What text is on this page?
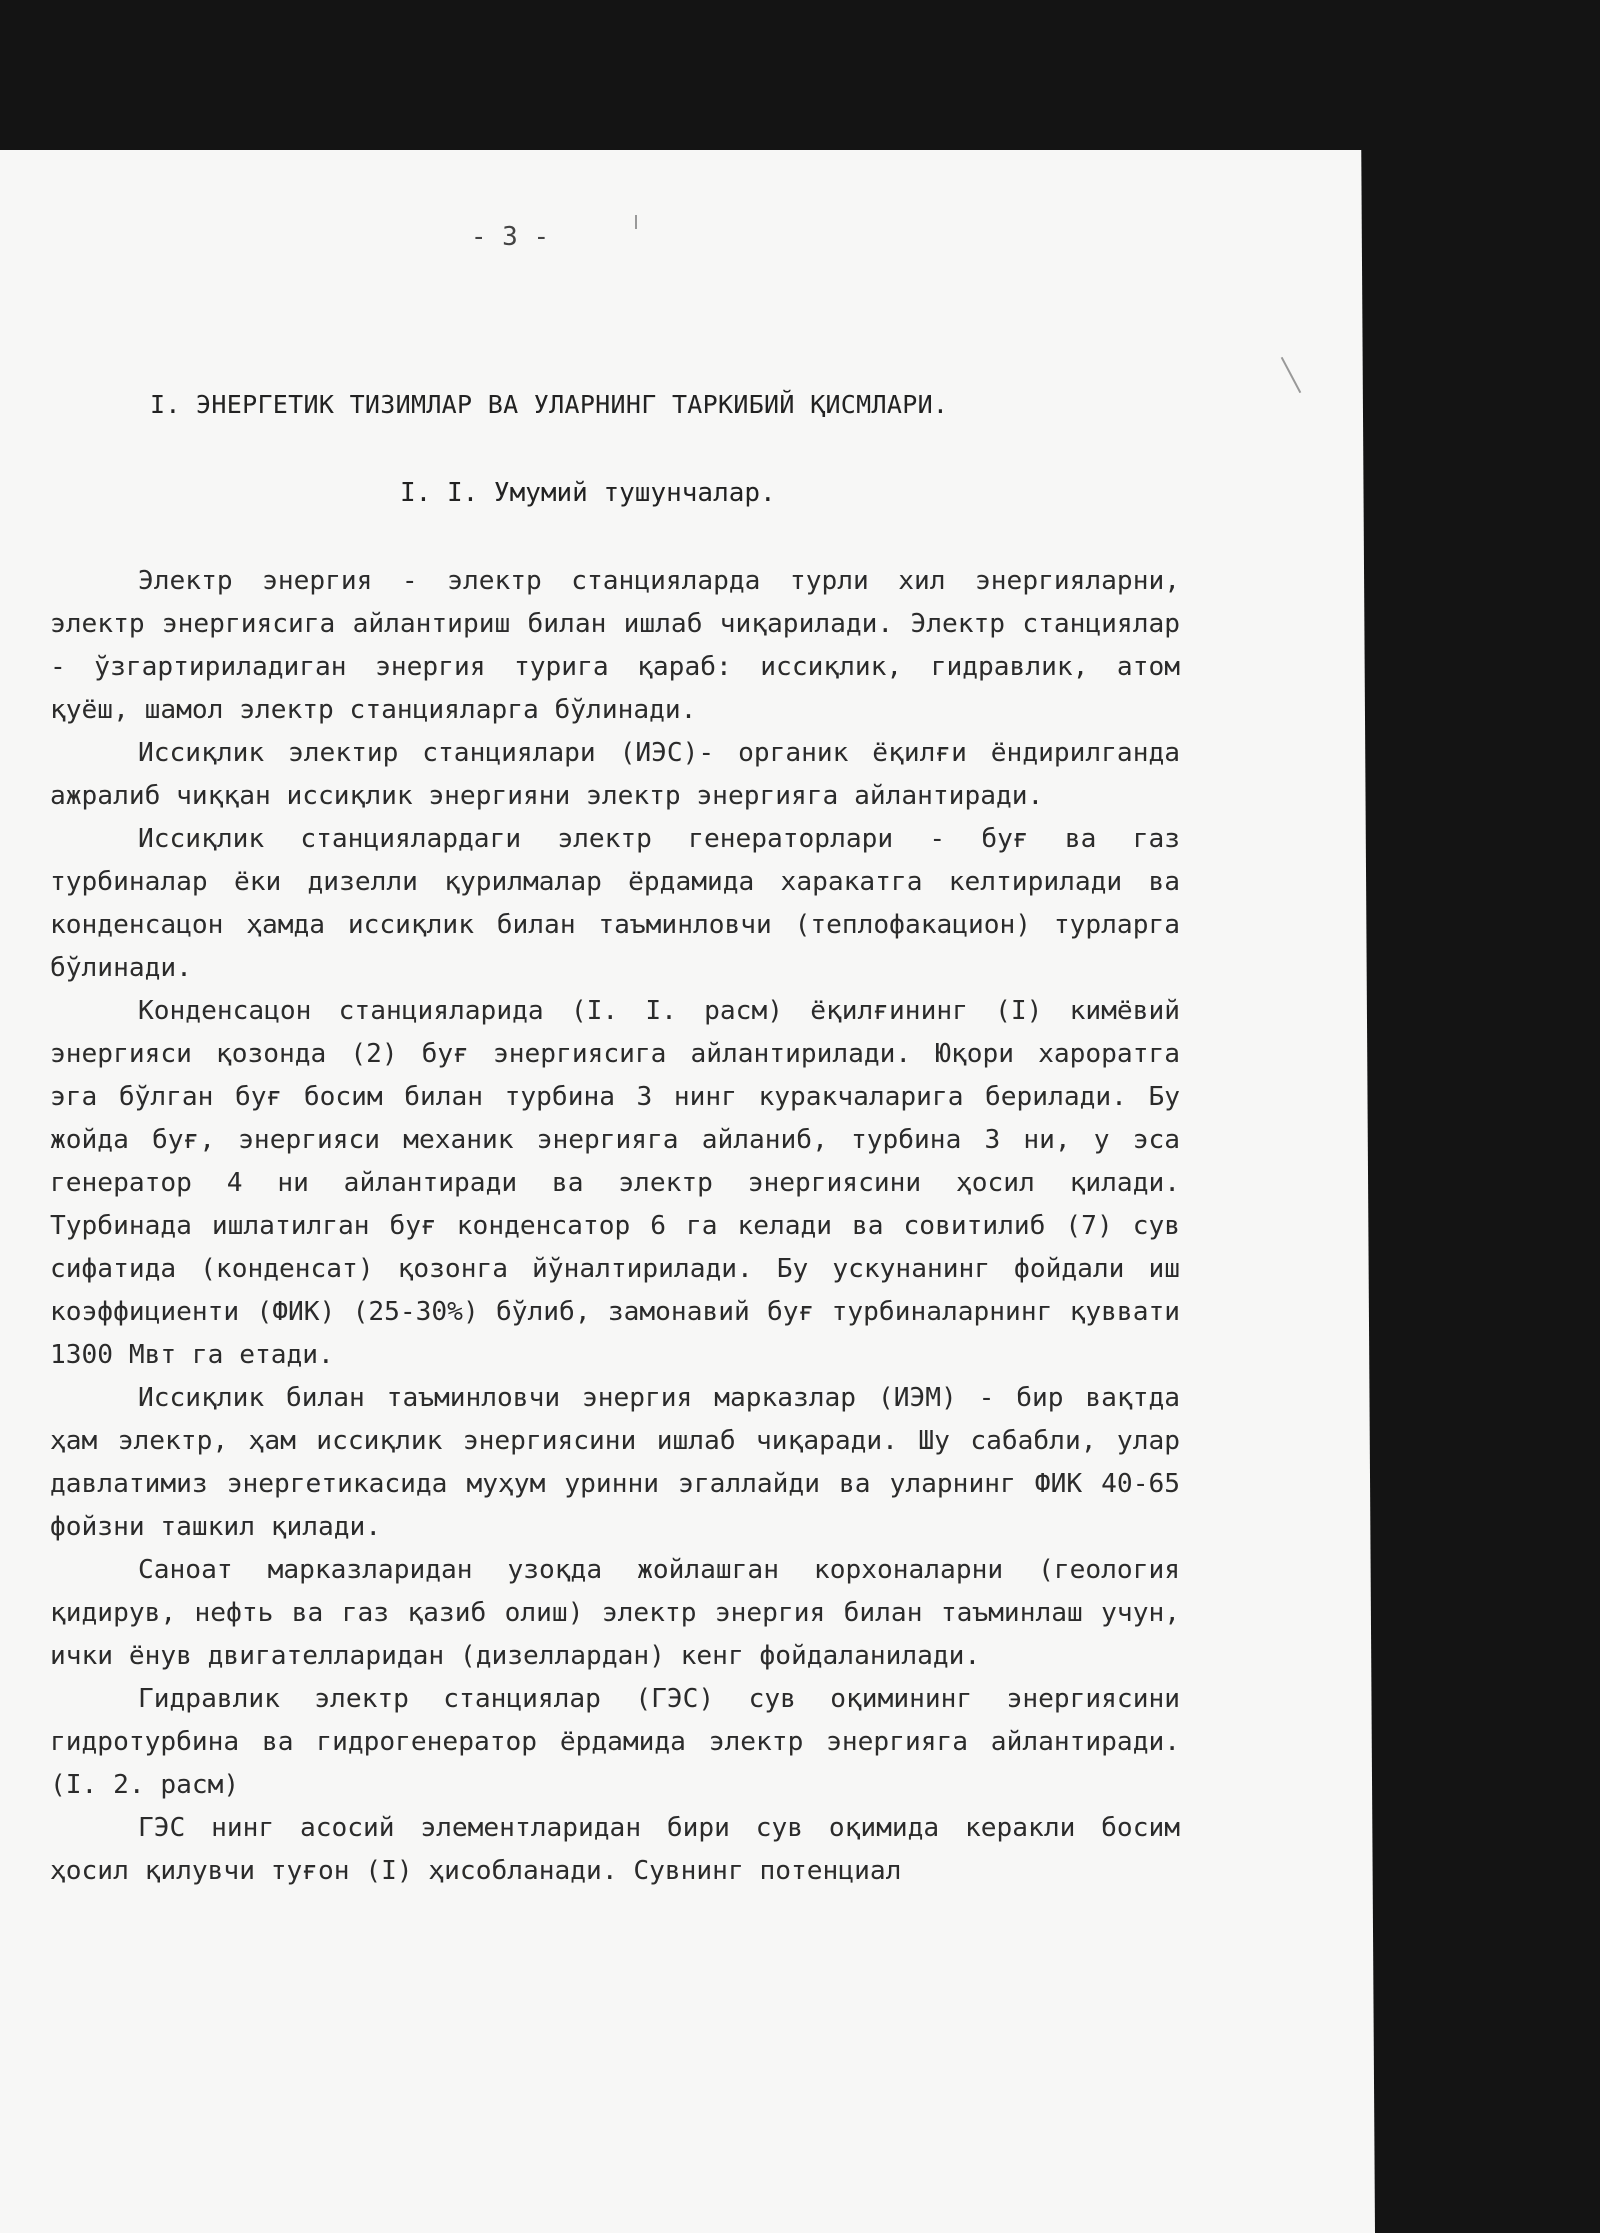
- 3 -
I. ЭНЕРГЕТИК ТИЗИМЛАР ВА УЛАРНИНГ ТАРКИБИЙ ҚИСМЛАРИ.
I. I. Умумий тушунчалар.

Электр энергия - электр станцияларда турли хил энергияларни, электр энергиясига айлантириш билан ишлаб чиқарилади. Электр станциялар - ўзгартириладиган энергия турига қараб: иссиқлик, гидравлик, атом қуёш, шамол электр станцияларга бўлинади.

Иссиқлик электир станциялари (ИЭС)- органик ёқилғи ёндирилганда ажралиб чиққан иссиқлик энергияни электр энергияга айлантиради.

Иссиқлик станциялардаги электр генераторлари - буғ ва газ турбиналар ёки дизелли қурилмалар ёрдамида харакатга келтирилади ва конденсацон ҳамда иссиқлик билан таъминловчи (теплофакацион) турларга бўлинади.

Конденсацон станцияларида (I. I. расм) ёқилғининг (I) кимёвий энергияси қозонда (2) буғ энергиясига айлантирилади. Юқори хароратга эга бўлган буғ босим билан турбина 3 нинг куракчаларига берилади. Бу жойда буғ, энергияси механик энергияга айланиб, турбина 3 ни, у эса генератор 4 ни айлантиради ва электр энергиясини ҳосил қилади. Турбинада ишлатилган буғ конденсатор 6 га келади ва совитилиб (7) сув сифатида (конденсат) қозонга йўналтирилади. Бу ускунанинг фойдали иш коэффициенти (ФИК) (25-30%) бўлиб, замонавий буғ турбиналарнинг қуввати 1300 Мвт га етади.

Иссиқлик билан таъминловчи энергия марказлар (ИЭМ) - бир вақтда ҳам электр, ҳам иссиқлик энергиясини ишлаб чиқаради. Шу сабабли, улар давлатимиз энергетикасида муҳум уринни эгаллайди ва уларнинг ФИК 40-65 фойзни ташкил қилади.

Саноат марказларидан узоқда жойлашган корхоналарни (геология қидирув, нефть ва газ қазиб олиш) электр энергия билан таъминлаш учун, ички ёнув двигателларидан (дизеллардан) кенг фойдаланилади.

Гидравлик электр станциялар (ГЭС) сув оқимининг энергиясини гидротурбина ва гидрогенератор ёрдамида электр энергияга айлантиради. (I. 2. расм)

ГЭС нинг асосий элементларидан бири сув оқимида керакли босим ҳосил қилувчи туғон (I) ҳисобланади. Сувнинг потенциал
